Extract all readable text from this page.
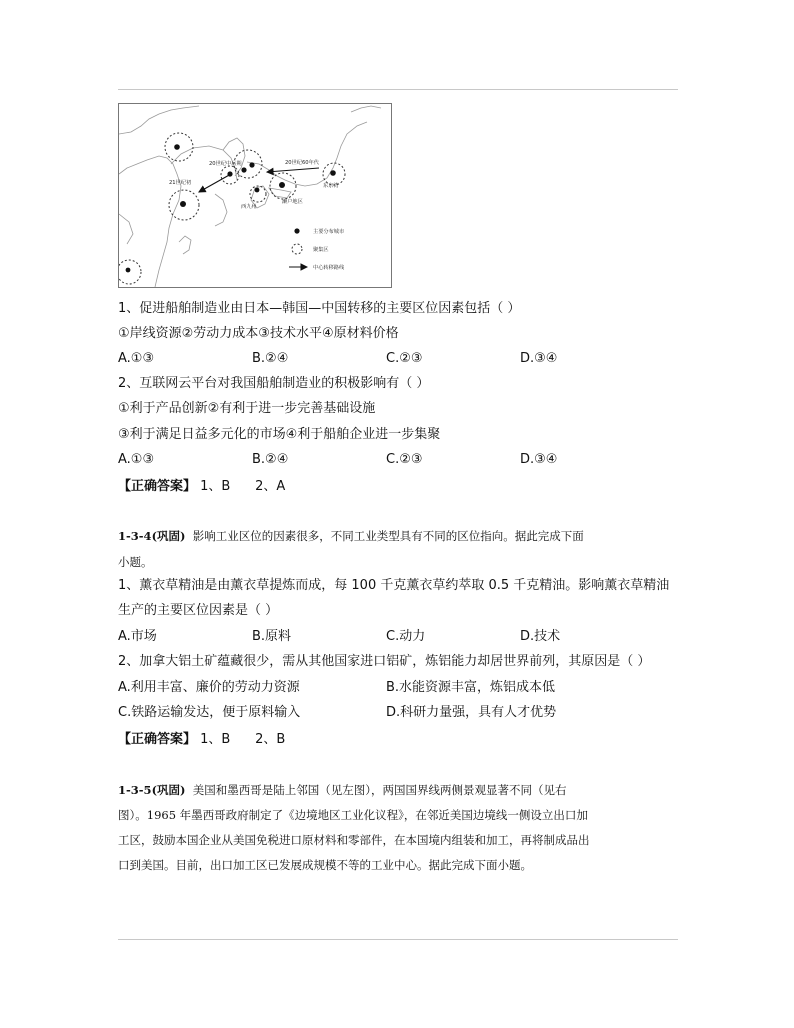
21世纪初
20世纪中后期	20世纪60年代
东京湾
濑户地区
西九州
主要分布城市
聚集区
中心转移路线
1、促进船舶制造业由日本—韩国—中国转移的主要区位因素包括（ ）
①岸线资源②劳动力成本③技术水平④原材料价格
A.①③	B.②④	C.②③	D.③④
2、互联网云平台对我国船舶制造业的积极影响有（ ）
①利于产品创新②有利于进一步完善基础设施
③利于满足日益多元化的市场④利于船舶企业进一步集聚
A.①③	B.②④	C.②③	D.③④
【正确答案】 1、B      2、A
1-3-4(巩固) 影响工业区位的因素很多，不同工业类型具有不同的区位指向。据此完成下面
小题。
1、薰衣草精油是由薰衣草提炼而成，每 100 千克薰衣草约萃取 0.5 千克精油。影响薰衣草精油
生产的主要区位因素是（ ）
A.市场	B.原料	C.动力	D.技术
2、加拿大铝土矿蕴藏很少，需从其他国家进口铝矿，炼铝能力却居世界前列，其原因是（ ）
A.利用丰富、廉价的劳动力资源	B.水能资源丰富，炼铝成本低
C.铁路运输发达，便于原料输入	D.科研力量强，具有人才优势
【正确答案】 1、B      2、B
1-3-5(巩固) 美国和墨西哥是陆上邻国（见左图），两国国界线两侧景观显著不同（见右
图）。1965 年墨西哥政府制定了《边境地区工业化议程》，在邻近美国边境线一侧设立出口加
工区，鼓励本国企业从美国免税进口原材料和零部件，在本国境内组装和加工，再将制成品出
口到美国。目前，出口加工区已发展成规模不等的工业中心。据此完成下面小题。
